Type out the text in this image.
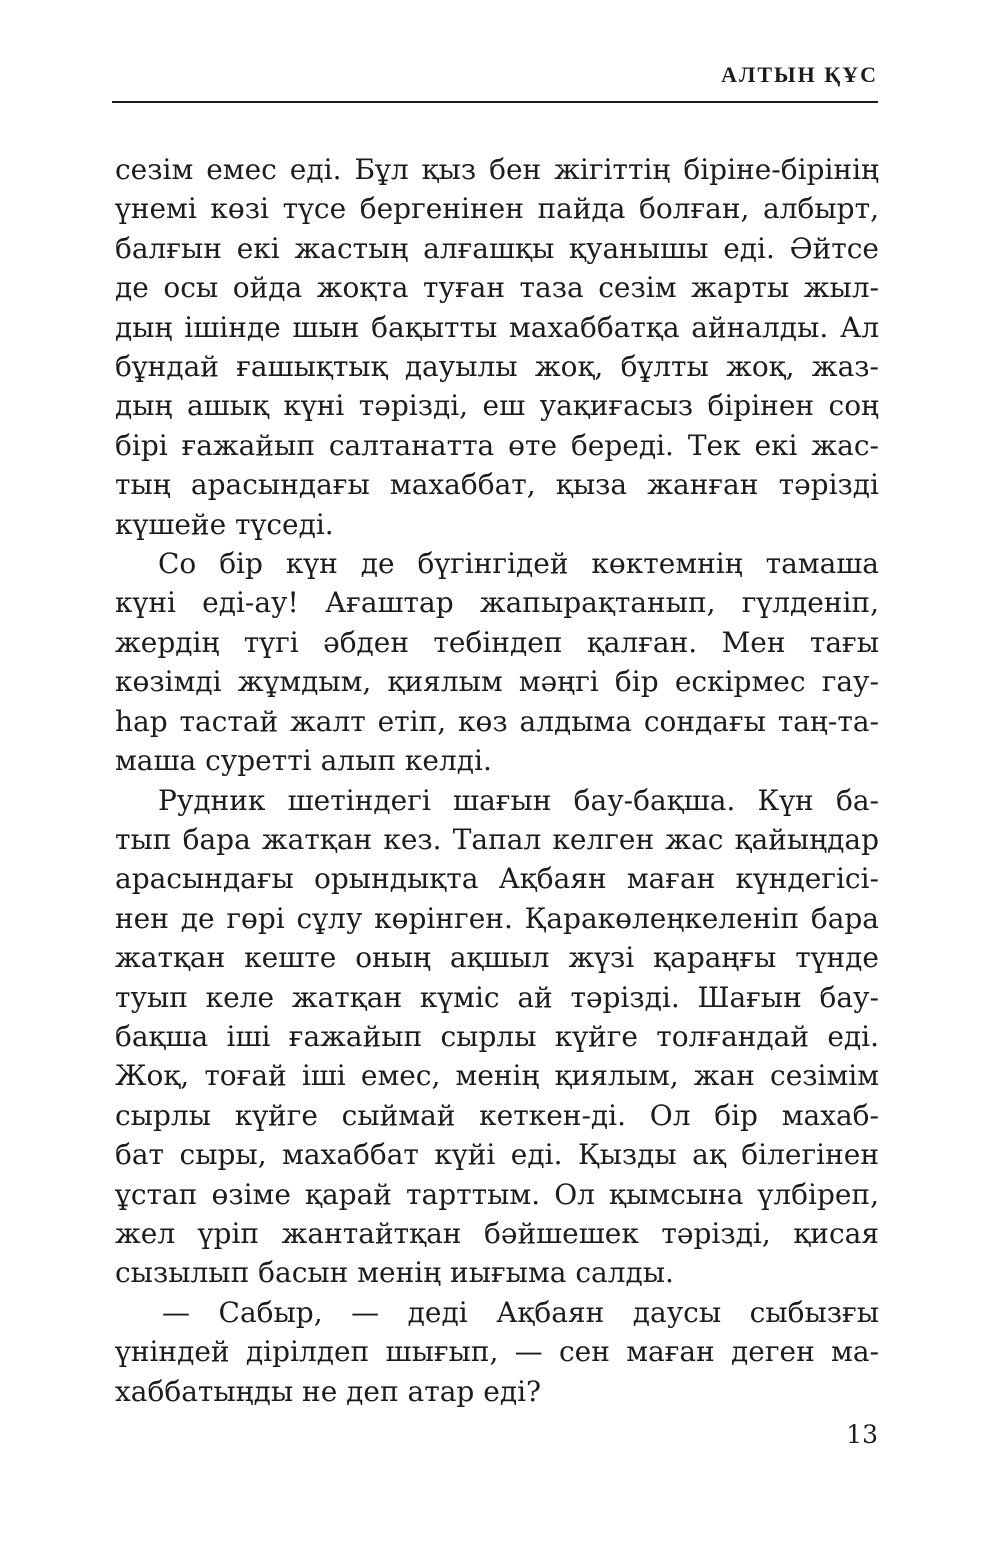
АЛТЫН ҚҰС
сезім емес еді. Бұл қыз бен жігіттің біріне-бірінің
үнемі көзі түсе бергенінен пайда болған, албырт,
балғын екі жастың алғашқы қуанышы еді. Әйтсе
де осы ойда жоқта туған таза сезім жарты жыл-
дың ішінде шын бақытты махаббатқа айналды. Ал
бұндай ғашықтық дауылы жоқ, бұлты жоқ, жаз-
дың ашық күні тәрізді, еш уақиғасыз бірінен соң
бірі ғажайып салтанатта өте береді. Тек екі жас-
тың арасындағы махаббат, қыза жанған тәрізді
күшейе түседі.
Со бір күн де бүгінгідей көктемнің тамаша
күні еді-ау! Ағаштар жапырақтанып, гүлденіп,
жердің түгі әбден тебіндеп қалған. Мен тағы
көзімді жұмдым, қиялым мәңгі бір ескірмес гау-
һар тастай жалт етіп, көз алдыма сондағы таң-та-
маша суретті алып келді.
Рудник шетіндегі шағын бау-бақша. Күн ба-
тып бара жатқан кез. Тапал келген жас қайыңдар
арасындағы орындықта Ақбаян маған күндегісі-
нен де гөрі сұлу көрінген. Қаракөлеңкеленіп бара
жатқан кеште оның ақшыл жүзі қараңғы түнде
туып келе жатқан күміс ай тәрізді. Шағын бау-
бақша іші ғажайып сырлы күйге толғандай еді.
Жоқ, тоғай іші емес, менің қиялым, жан сезімім
сырлы күйге сыймай кеткен-ді. Ол бір махаб-
бат сыры, махаббат күйі еді. Қызды ақ білегінен
ұстап өзіме қарай тарттым. Ол қымсына үлбіреп,
жел үріп жантайтқан бәйшешек тәрізді, қисая
сызылып басын менің иығыма салды.
— Сабыр, — деді Ақбаян даусы сыбызғы
үніндей дірілдеп шығып, — сен маған деген ма-
хаббатыңды не деп атар еді?
13
